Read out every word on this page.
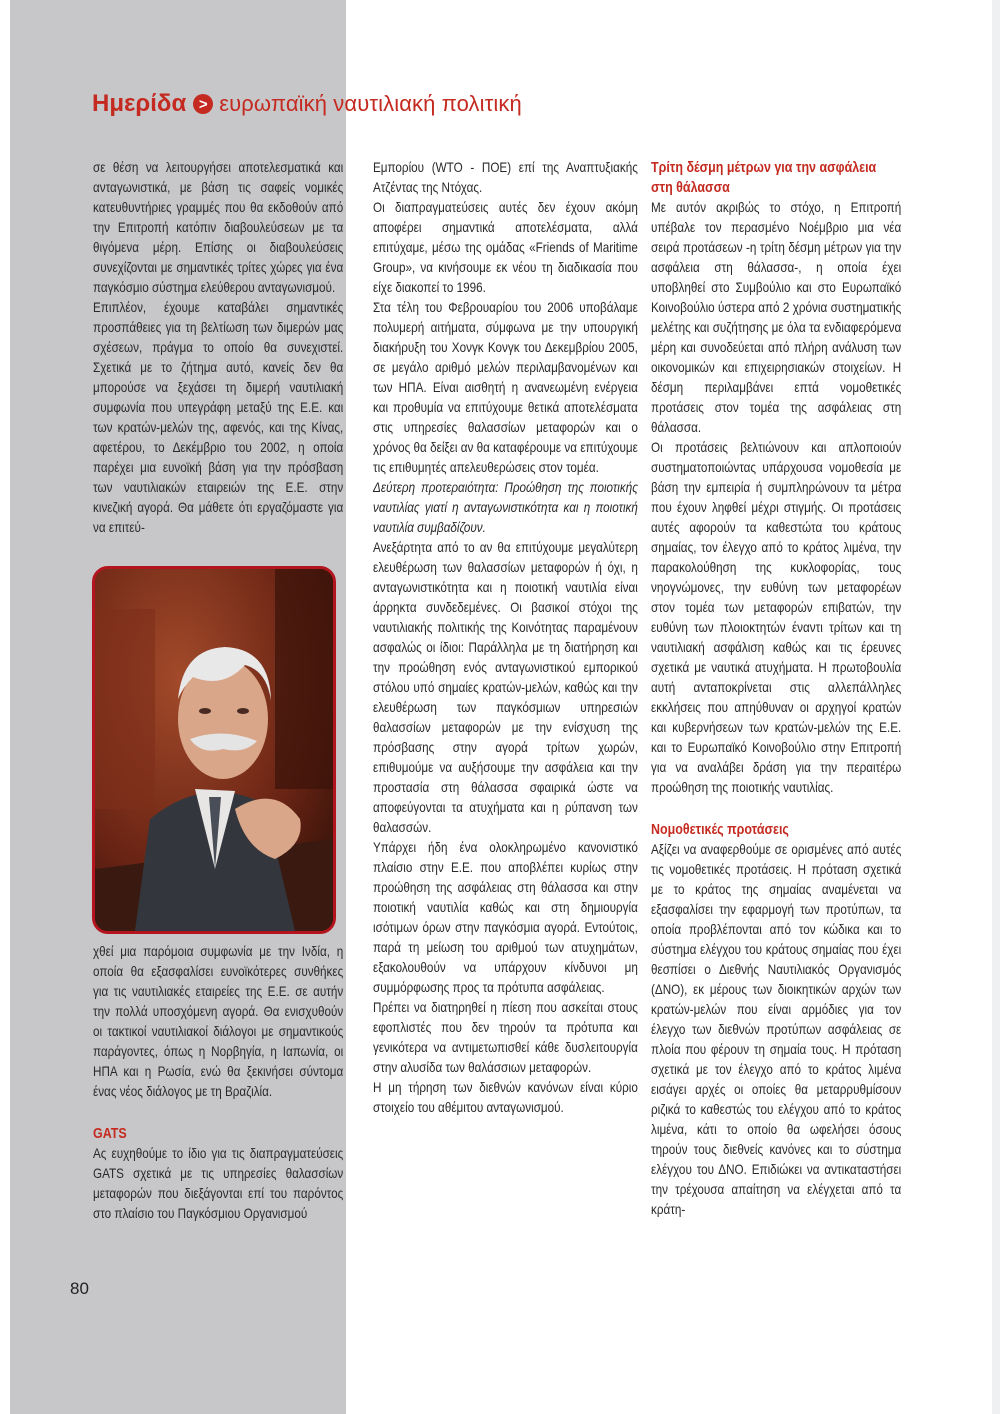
Ημερίδα > ευρωπαϊκή ναυτιλιακή πολιτική

σε θέση να λειτουργήσει αποτελεσματικά και ανταγωνιστικά, με βάση τις σαφείς νομικές κατευθυντήριες γραμμές που θα εκδοθούν από την Επιτροπή κατόπιν διαβουλεύσεων με τα θιγόμενα μέρη. Επίσης οι διαβουλεύσεις συνεχίζονται με σημαντικές τρίτες χώρες για ένα παγκόσμιο σύστημα ελεύθερου ανταγωνισμού.

Επιπλέον, έχουμε καταβάλει σημαντικές προσπάθειες για τη βελτίωση των διμερών μας σχέσεων, πράγμα το οποίο θα συνεχιστεί. Σχετικά με το ζήτημα αυτό, κανείς δεν θα μπορούσε να ξεχάσει τη διμερή ναυτιλιακή συμφωνία που υπεγράφη μεταξύ της Ε.Ε. και των κρατών-μελών της, αφενός, και της Κίνας, αφετέρου, το Δεκέμβριο του 2002, η οποία παρέχει μια ευνοϊκή βάση για την πρόσβαση των ναυτιλιακών εταιρειών της Ε.Ε. στην κινεζική αγορά. Θα μάθετε ότι εργαζόμαστε για να επιτεύ-

χθεί μια παρόμοια συμφωνία με την Ινδία, η οποία θα εξασφαλίσει ευνοϊκότερες συνθήκες για τις ναυτιλιακές εταιρείες της Ε.Ε. σε αυτήν την πολλά υποσχόμενη αγορά. Θα ενισχυθούν οι τακτικοί ναυτιλιακοί διάλογοι με σημαντικούς παράγοντες, όπως η Νορβηγία, η Ιαπωνία, οι ΗΠΑ και η Ρωσία, ενώ θα ξεκινήσει σύντομα ένας νέος διάλογος με τη Βραζιλία.

GATS

Ας ευχηθούμε το ίδιο για τις διαπραγματεύσεις GATS σχετικά με τις υπηρεσίες θαλασσίων μεταφορών που διεξάγονται επί του παρόντος στο πλαίσιο του Παγκόσμιου Οργανισμού

Εμπορίου (WTO - ΠΟΕ) επί της Αναπτυξιακής Ατζέντας της Ντόχας.

Οι διαπραγματεύσεις αυτές δεν έχουν ακόμη αποφέρει σημαντικά αποτελέσματα, αλλά επιτύχαμε, μέσω της ομάδας «Friends of Maritime Group», να κινήσουμε εκ νέου τη διαδικασία που είχε διακοπεί το 1996.

Στα τέλη του Φεβρουαρίου του 2006 υποβάλαμε πολυμερή αιτήματα, σύμφωνα με την υπουργική διακήρυξη του Χονγκ Κονγκ του Δεκεμβρίου 2005, σε μεγάλο αριθμό μελών περιλαμβανομένων και των ΗΠΑ. Είναι αισθητή η ανανεωμένη ενέργεια και προθυμία να επιτύχουμε θετικά αποτελέσματα στις υπηρεσίες θαλασσίων μεταφορών και ο χρόνος θα δείξει αν θα καταφέρουμε να επιτύχουμε τις επιθυμητές απελευθερώσεις στον τομέα.

Δεύτερη προτεραιότητα: Προώθηση της ποιοτικής ναυτιλίας γιατί η ανταγωνιστικότητα και η ποιοτική ναυτιλία συμβαδίζουν.

Ανεξάρτητα από το αν θα επιτύχουμε μεγαλύτερη ελευθέρωση των θαλασσίων μεταφορών ή όχι, η ανταγωνιστικότητα και η ποιοτική ναυτιλία είναι άρρηκτα συνδεδεμένες. Οι βασικοί στόχοι της ναυτιλιακής πολιτικής της Κοινότητας παραμένουν ασφαλώς οι ίδιοι: Παράλληλα με τη διατήρηση και την προώθηση ενός ανταγωνιστικού εμπορικού στόλου υπό σημαίες κρατών-μελών, καθώς και την ελευθέρωση των παγκόσμιων υπηρεσιών θαλασσίων μεταφορών με την ενίσχυση της πρόσβασης στην αγορά τρίτων χωρών, επιθυμούμε να αυξήσουμε την ασφάλεια και την προστασία στη θάλασσα σφαιρικά ώστε να αποφεύγονται τα ατυχήματα και η ρύπανση των θαλασσών.

Υπάρχει ήδη ένα ολοκληρωμένο κανονιστικό πλαίσιο στην Ε.Ε. που αποβλέπει κυρίως στην προώθηση της ασφάλειας στη θάλασσα και στην ποιοτική ναυτιλία καθώς και στη δημιουργία ισότιμων όρων στην παγκόσμια αγορά. Εντούτοις, παρά τη μείωση του αριθμού των ατυχημάτων, εξακολουθούν να υπάρχουν κίνδυνοι μη συμμόρφωσης προς τα πρότυπα ασφάλειας.

Πρέπει να διατηρηθεί η πίεση που ασκείται στους εφοπλιστές που δεν τηρούν τα πρότυπα και γενικότερα να αντιμετωπισθεί κάθε δυσλειτουργία στην αλυσίδα των θαλάσσιων μεταφορών.

Η μη τήρηση των διεθνών κανόνων είναι κύριο στοιχείο του αθέμιτου ανταγωνισμού.

Τρίτη δέσμη μέτρων για την ασφάλεια στη θάλασσα

Με αυτόν ακριβώς το στόχο, η Επιτροπή υπέβαλε τον περασμένο Νοέμβριο μια νέα σειρά προτάσεων -η τρίτη δέσμη μέτρων για την ασφάλεια στη θάλασσα-, η οποία έχει υποβληθεί στο Συμβούλιο και στο Ευρωπαϊκό Κοινοβούλιο ύστερα από 2 χρόνια συστηματικής μελέτης και συζήτησης με όλα τα ενδιαφερόμενα μέρη και συνοδεύεται από πλήρη ανάλυση των οικονομικών και επιχειρησιακών στοιχείων. Η δέσμη περιλαμβάνει επτά νομοθετικές προτάσεις στον τομέα της ασφάλειας στη θάλασσα.

Οι προτάσεις βελτιώνουν και απλοποιούν συστηματοποιώντας υπάρχουσα νομοθεσία με βάση την εμπειρία ή συμπληρώνουν τα μέτρα που έχουν ληφθεί μέχρι στιγμής. Οι προτάσεις αυτές αφορούν τα καθεστώτα του κράτους σημαίας, τον έλεγχο από το κράτος λιμένα, την παρακολούθηση της κυκλοφορίας, τους νηογνώμονες, την ευθύνη των μεταφορέων στον τομέα των μεταφορών επιβατών, την ευθύνη των πλοιοκτητών έναντι τρίτων και τη ναυτιλιακή ασφάλιση καθώς και τις έρευνες σχετικά με ναυτικά ατυχήματα. Η πρωτοβουλία αυτή ανταποκρίνεται στις αλλεπάλληλες εκκλήσεις που απηύθυναν οι αρχηγοί κρατών και κυβερνήσεων των κρατών-μελών της Ε.Ε. και το Ευρωπαϊκό Κοινοβούλιο στην Επιτροπή για να αναλάβει δράση για την περαιτέρω προώθηση της ποιοτικής ναυτιλίας.

Νομοθετικές προτάσεις

Αξίζει να αναφερθούμε σε ορισμένες από αυτές τις νομοθετικές προτάσεις. Η πρόταση σχετικά με το κράτος της σημαίας αναμένεται να εξασφαλίσει την εφαρμογή των προτύπων, τα οποία προβλέπονται από τον κώδικα και το σύστημα ελέγχου του κράτους σημαίας που έχει θεσπίσει ο Διεθνής Ναυτιλιακός Οργανισμός (ΔΝΟ), εκ μέρους των διοικητικών αρχών των κρατών-μελών που είναι αρμόδιες για τον έλεγχο των διεθνών προτύπων ασφάλειας σε πλοία που φέρουν τη σημαία τους. Η πρόταση σχετικά με τον έλεγχο από το κράτος λιμένα εισάγει αρχές οι οποίες θα μεταρρυθμίσουν ριζικά το καθεστώς του ελέγχου από το κράτος λιμένα, κάτι το οποίο θα ωφελήσει όσους τηρούν τους διεθνείς κανόνες και το σύστημα ελέγχου του ΔΝΟ. Επιδιώκει να αντικαταστήσει την τρέχουσα απαίτηση να ελέγχεται από τα κράτη-

80
